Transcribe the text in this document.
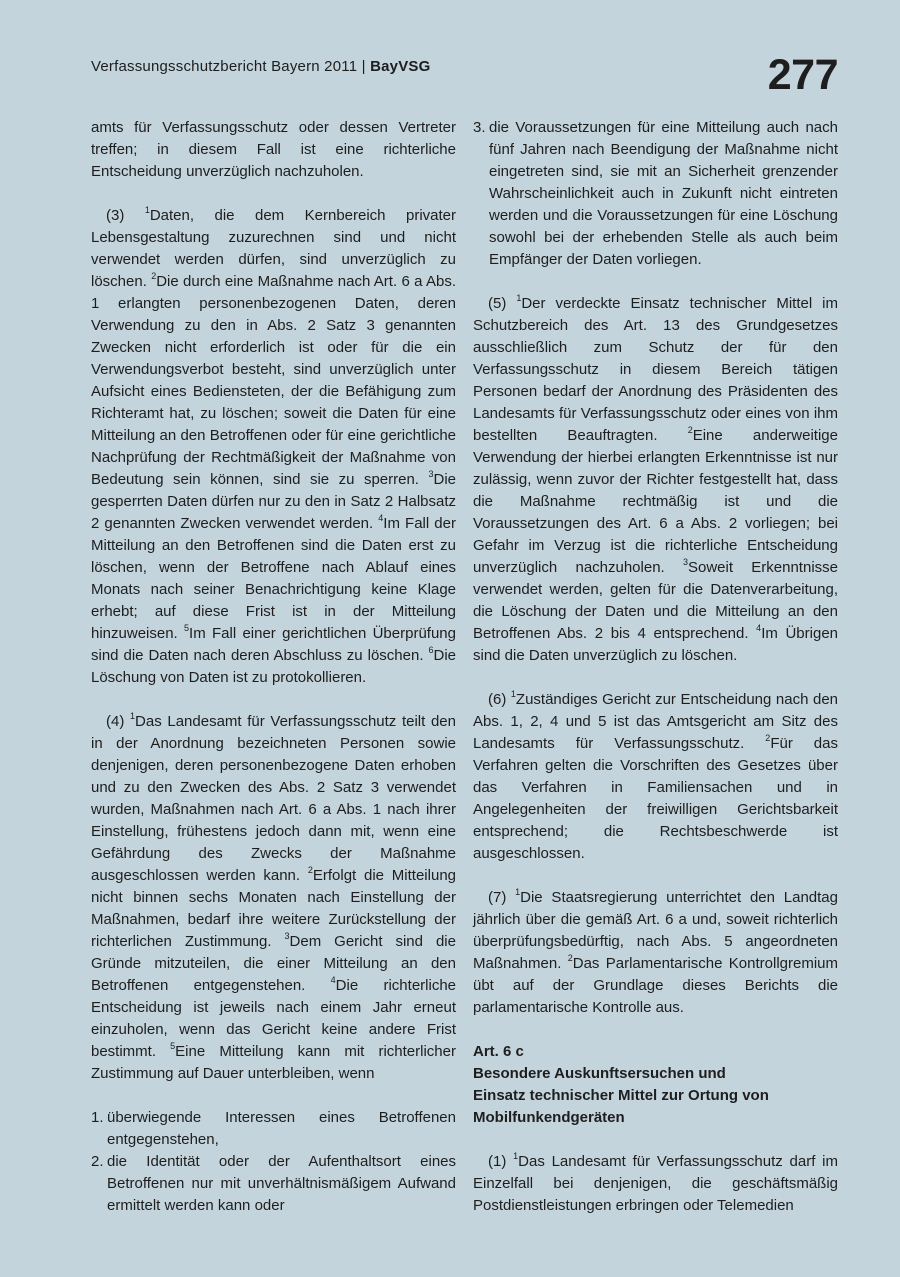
Verfassungsschutzbericht Bayern 2011 | BayVSG	277

amts für Verfassungsschutz oder dessen Vertreter treffen; in diesem Fall ist eine richterliche Entscheidung unverzüglich nachzuholen.

(3) $^1$Daten, die dem Kernbereich privater Lebensgestaltung zuzurechnen sind und nicht verwendet werden dürfen, sind unverzüglich zu löschen. $^2$Die durch eine Maßnahme nach Art. 6 a Abs. 1 erlangten personenbezogenen Daten, deren Verwendung zu den in Abs. 2 Satz 3 genannten Zwecken nicht erforderlich ist oder für die ein Verwendungsverbot besteht, sind unverzüglich unter Aufsicht eines Bediensteten, der die Befähigung zum Richteramt hat, zu löschen; soweit die Daten für eine Mitteilung an den Betroffenen oder für eine gerichtliche Nachprüfung der Rechtmäßigkeit der Maßnahme von Bedeutung sein können, sind sie zu sperren. $^3$Die gesperrten Daten dürfen nur zu den in Satz 2 Halbsatz 2 genannten Zwecken verwendet werden. $^4$Im Fall der Mitteilung an den Betroffenen sind die Daten erst zu löschen, wenn der Betroffene nach Ablauf eines Monats nach seiner Benachrichtigung keine Klage erhebt; auf diese Frist ist in der Mitteilung hinzuweisen. $^5$Im Fall einer gerichtlichen Überprüfung sind die Daten nach deren Abschluss zu löschen. $^6$Die Löschung von Daten ist zu protokollieren.

(4) $^1$Das Landesamt für Verfassungsschutz teilt den in der Anordnung bezeichneten Personen sowie denjenigen, deren personenbezogene Daten erhoben und zu den Zwecken des Abs. 2 Satz 3 verwendet wurden, Maßnahmen nach Art. 6 a Abs. 1 nach ihrer Einstellung, frühestens jedoch dann mit, wenn eine Gefährdung des Zwecks der Maßnahme ausgeschlossen werden kann. $^2$Erfolgt die Mitteilung nicht binnen sechs Monaten nach Einstellung der Maßnahmen, bedarf ihre weitere Zurückstellung der richterlichen Zustimmung. $^3$Dem Gericht sind die Gründe mitzuteilen, die einer Mitteilung an den Betroffenen entgegenstehen. $^4$Die richterliche Entscheidung ist jeweils nach einem Jahr erneut einzuholen, wenn das Gericht keine andere Frist bestimmt. $^5$Eine Mitteilung kann mit richterlicher Zustimmung auf Dauer unterbleiben, wenn

1. überwiegende Interessen eines Betroffenen entgegenstehen,
2. die Identität oder der Aufenthaltsort eines Betroffenen nur mit unverhältnismäßigem Aufwand ermittelt werden kann oder
3. die Voraussetzungen für eine Mitteilung auch nach fünf Jahren nach Beendigung der Maßnahme nicht eingetreten sind, sie mit an Sicherheit grenzender Wahrscheinlichkeit auch in Zukunft nicht eintreten werden und die Voraussetzungen für eine Löschung sowohl bei der erhebenden Stelle als auch beim Empfänger der Daten vorliegen.

(5) $^1$Der verdeckte Einsatz technischer Mittel im Schutzbereich des Art. 13 des Grundgesetzes ausschließlich zum Schutz der für den Verfassungsschutz in diesem Bereich tätigen Personen bedarf der Anordnung des Präsidenten des Landesamts für Verfassungsschutz oder eines von ihm bestellten Beauftragten. $^2$Eine anderweitige Verwendung der hierbei erlangten Erkenntnisse ist nur zulässig, wenn zuvor der Richter festgestellt hat, dass die Maßnahme rechtmäßig ist und die Voraussetzungen des Art. 6 a Abs. 2 vorliegen; bei Gefahr im Verzug ist die richterliche Entscheidung unverzüglich nachzuholen. $^3$Soweit Erkenntnisse verwendet werden, gelten für die Datenverarbeitung, die Löschung der Daten und die Mitteilung an den Betroffenen Abs. 2 bis 4 entsprechend. $^4$Im Übrigen sind die Daten unverzüglich zu löschen.

(6) $^1$Zuständiges Gericht zur Entscheidung nach den Abs. 1, 2, 4 und 5 ist das Amtsgericht am Sitz des Landesamts für Verfassungsschutz. $^2$Für das Verfahren gelten die Vorschriften des Gesetzes über das Verfahren in Familiensachen und in Angelegenheiten der freiwilligen Gerichtsbarkeit entsprechend; die Rechtsbeschwerde ist ausgeschlossen.

(7) $^1$Die Staatsregierung unterrichtet den Landtag jährlich über die gemäß Art. 6 a und, soweit richterlich überprüfungsbedürftig, nach Abs. 5 angeordneten Maßnahmen. $^2$Das Parlamentarische Kontrollgremium übt auf der Grundlage dieses Berichts die parlamentarische Kontrolle aus.

Art. 6 c
Besondere Auskunftsersuchen und
Einsatz technischer Mittel zur Ortung von
Mobilfunkendgeräten

(1) $^1$Das Landesamt für Verfassungsschutz darf im Einzelfall bei denjenigen, die geschäftsmäßig Postdienstleistungen erbringen oder Telemedien
